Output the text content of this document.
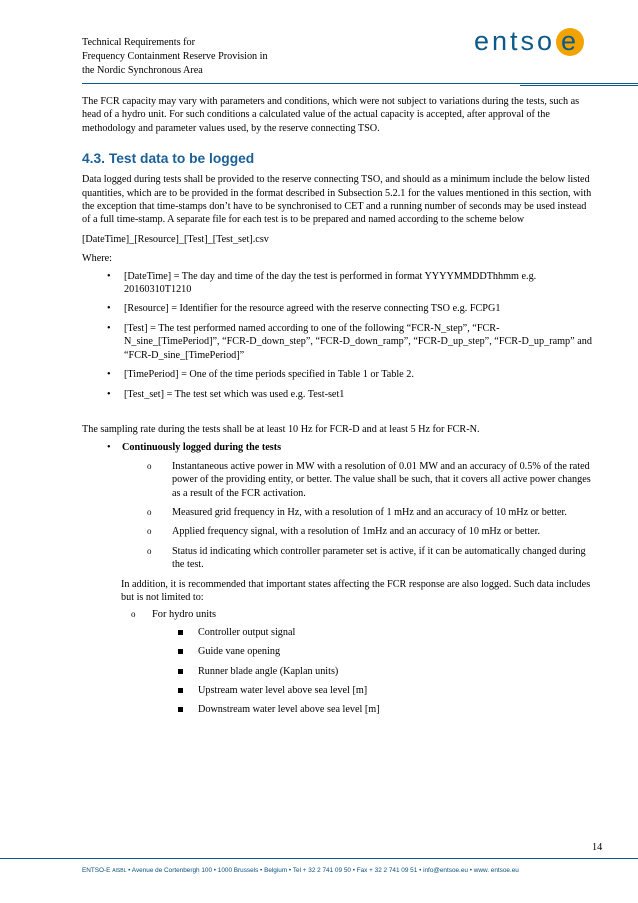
Technical Requirements for
Frequency Containment Reserve Provision in
the Nordic Synchronous Area
entso e

The FCR capacity may vary with parameters and conditions, which were not subject to variations during the tests, such as head of a hydro unit. For such conditions a calculated value of the actual capacity is accepted, after approval of the methodology and parameter values used, by the reserve connecting TSO.

4.3. Test data to be logged

Data logged during tests shall be provided to the reserve connecting TSO, and should as a minimum include the below listed quantities, which are to be provided in the format described in Subsection 5.2.1 for the values mentioned in this section, with the exception that time-stamps don’t have to be synchronised to CET and a running number of seconds may be used instead of a full time-stamp. A separate file for each test is to be prepared and named according to the scheme below

[DateTime]_[Resource]_[Test]_[Test_set].csv

Where:

• [DateTime] = The day and time of the day the test is performed in format YYYYMMDDThhmm e.g. 20160310T1210
• [Resource] = Identifier for the resource agreed with the reserve connecting TSO e.g. FCPG1
• [Test] = The test performed named according to one of the following “FCR-N_step”, “FCR-N_sine_[TimePeriod]”, “FCR-D_down_step”, “FCR-D_down_ramp”, “FCR-D_up_step”, “FCR-D_up_ramp” and “FCR-D_sine_[TimePeriod]”
• [TimePeriod] = One of the time periods specified in Table 1 or Table 2.
• [Test_set] = The test set which was used e.g. Test-set1

The sampling rate during the tests shall be at least 10 Hz for FCR-D and at least 5 Hz for FCR-N.

• Continuously logged during the tests
o Instantaneous active power in MW with a resolution of 0.01 MW and an accuracy of 0.5% of the rated power of the providing entity, or better. The value shall be such, that it covers all active power changes as a result of the FCR activation.
o Measured grid frequency in Hz, with a resolution of 1 mHz and an accuracy of 10 mHz or better.
o Applied frequency signal, with a resolution of 1mHz and an accuracy of 10 mHz or better.
o Status id indicating which controller parameter set is active, if it can be automatically changed during the test.

In addition, it is recommended that important states affecting the FCR response are also logged. Such data includes but is not limited to:

o For hydro units
Controller output signal
Guide vane opening
Runner blade angle (Kaplan units)
Upstream water level above sea level [m]
Downstream water level above sea level [m]
14
ENTSO-E AISBL • Avenue de Cortenbergh 100 • 1000 Brussels • Belgium • Tel + 32 2 741 09 50 • Fax + 32 2 741 09 51 • info@entsoe.eu • www. entsoe.eu
